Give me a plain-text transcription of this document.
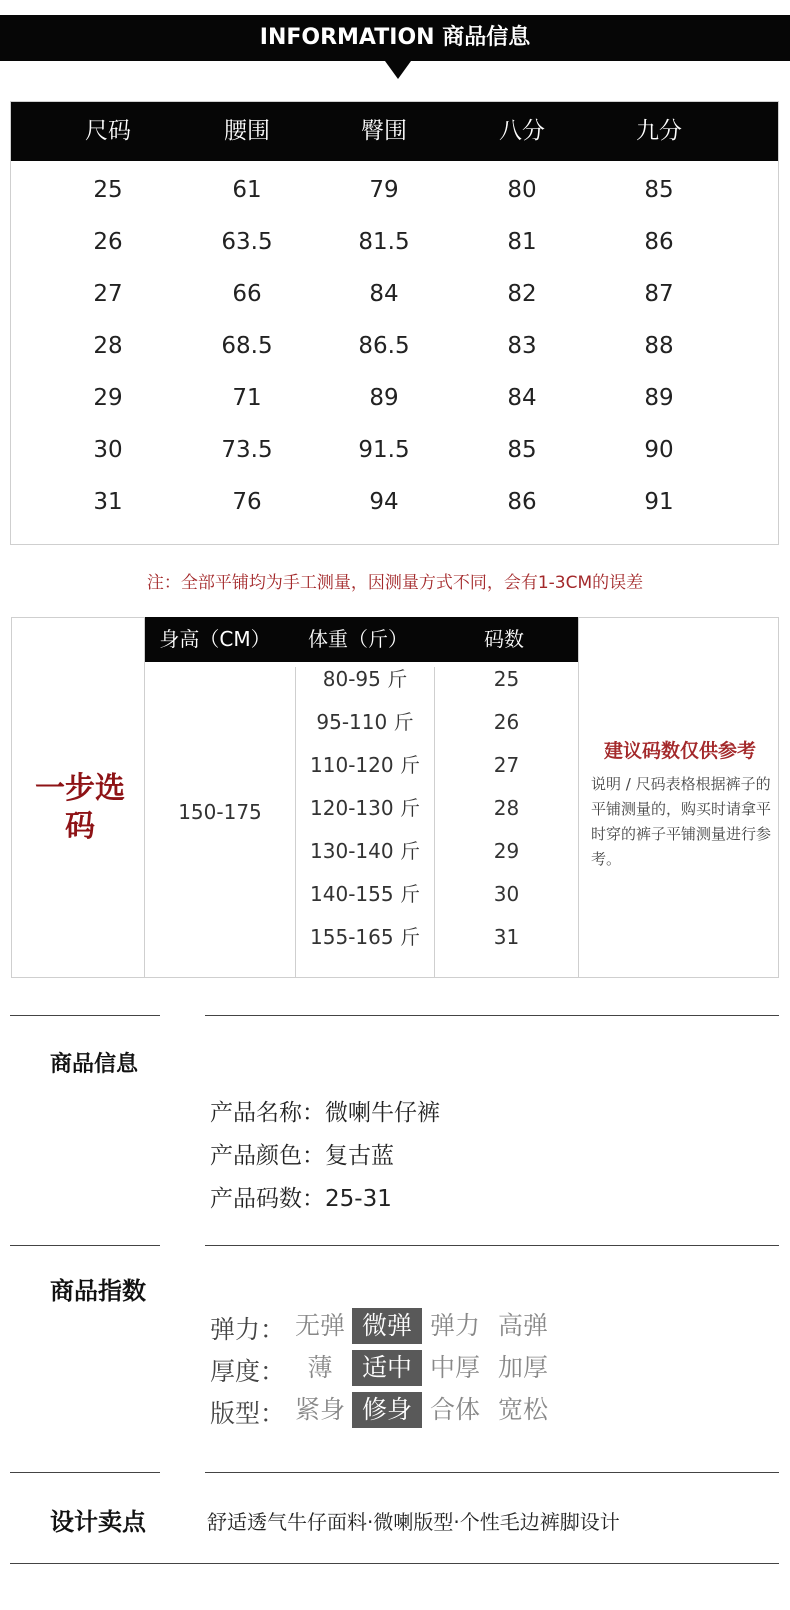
INFORMATION 商品信息
尺码	腰围	臀围	八分	九分
25	61	79	80	85
26	63.5	81.5	81	86
27	66	84	82	87
28	68.5	86.5	83	88
29	71	89	84	89
30	73.5	91.5	85	90
31	76	94	86	91
注：全部平铺均为手工测量，因测量方式不同，会有1-3CM的误差
一步选码
身高（CM）	体重（斤）	码数
150-175
80-95 斤	25
95-110 斤	26
110-120 斤	27
120-130 斤	28
130-140 斤	29
140-155 斤	30
155-165 斤	31
建议码数仅供参考
说明 / 尺码表格根据裤子的平铺测量的，购买时请拿平时穿的裤子平铺测量进行参考。
商品信息
产品名称：微喇牛仔裤
产品颜色：复古蓝
产品码数：25-31
商品指数
弹力： 无弹 微弹 弹力 高弹
厚度： 薄	适中 中厚 加厚
版型： 紧身 修身 合体 宽松
设计卖点	舒适透气牛仔面料·微喇版型·个性毛边裤脚设计
